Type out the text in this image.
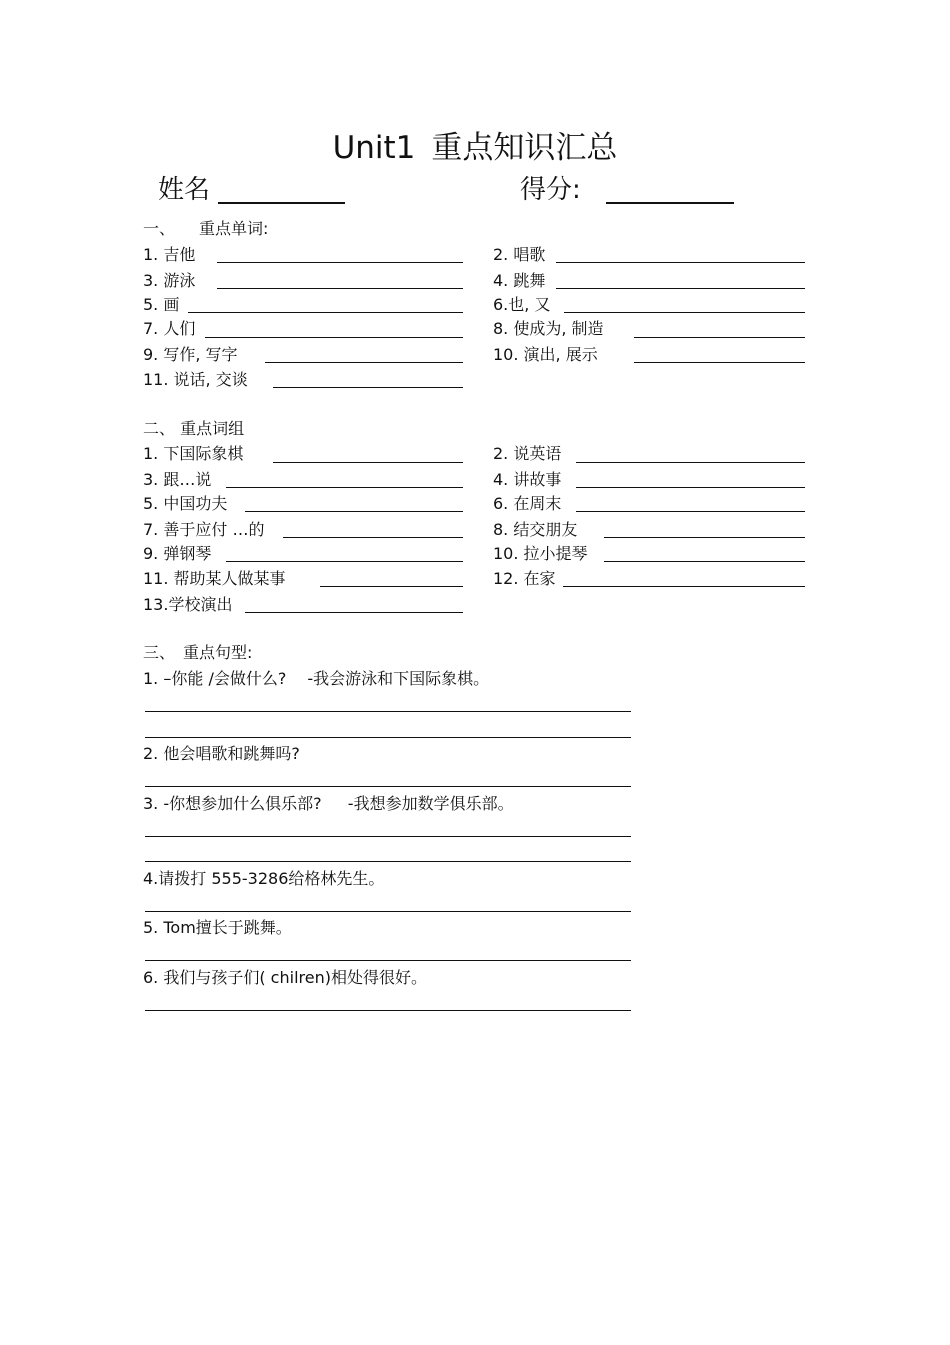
Unit1 重点知识汇总
姓名	得分:
一、　　重点单词:
1. 吉他	2. 唱歌
3. 游泳	4. 跳舞
5. 画	6.也, 又
7. 人们	8. 使成为, 制造
9. 写作, 写字	10. 演出, 展示
11. 说话, 交谈
二、 重点词组
1. 下国际象棋	2. 说英语
3. 跟…说	4. 讲故事
5. 中国功夫	6. 在周末
7. 善于应付 …的	8. 结交朋友
9. 弹钢琴	10. 拉小提琴
11. 帮助某人做某事	12. 在家
13.学校演出
三、　重点句型:
1. –你能 /会做什么? 　-我会游泳和下国际象棋。
2. 他会唱歌和跳舞吗?
3. -你想参加什么俱乐部? 　 -我想参加数学俱乐部。
4.请拨打 555-3286给格林先生。
5. Tom擅长于跳舞。
6. 我们与孩子们( chilren)相处得很好。
